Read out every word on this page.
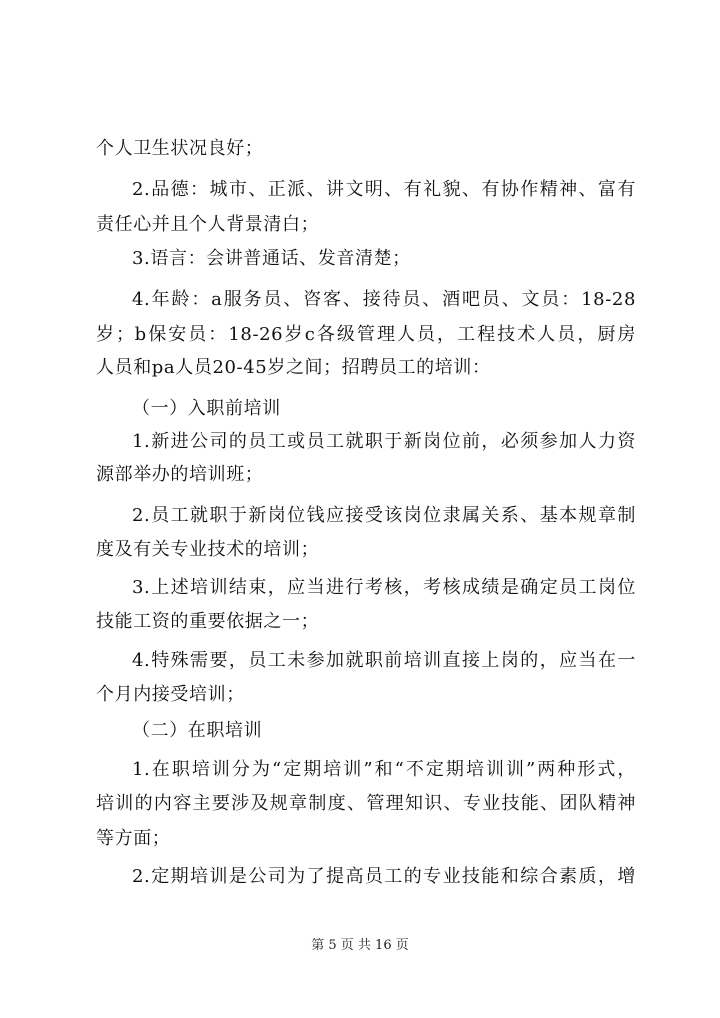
个人卫生状况良好；
2.品德：城市、正派、讲文明、有礼貌、有协作精神、富有
责任心并且个人背景清白；
3.语言：会讲普通话、发音清楚；
4.年龄：a服务员、咨客、接待员、酒吧员、文员：18-28
岁；b保安员：18-26岁c各级管理人员，工程技术人员，厨房
人员和pa人员20-45岁之间；招聘员工的培训：
（一）入职前培训
1.新进公司的员工或员工就职于新岗位前，必须参加人力资
源部举办的培训班；
2.员工就职于新岗位钱应接受该岗位隶属关系、基本规章制
度及有关专业技术的培训；
3.上述培训结束，应当进行考核，考核成绩是确定员工岗位
技能工资的重要依据之一；
4.特殊需要，员工未参加就职前培训直接上岗的，应当在一
个月内接受培训；
（二）在职培训
1.在职培训分为“定期培训”和“不定期培训训”两种形式，
培训的内容主要涉及规章制度、管理知识、专业技能、团队精神
等方面；
2.定期培训是公司为了提高员工的专业技能和综合素质，增
第 5 页 共 16 页
